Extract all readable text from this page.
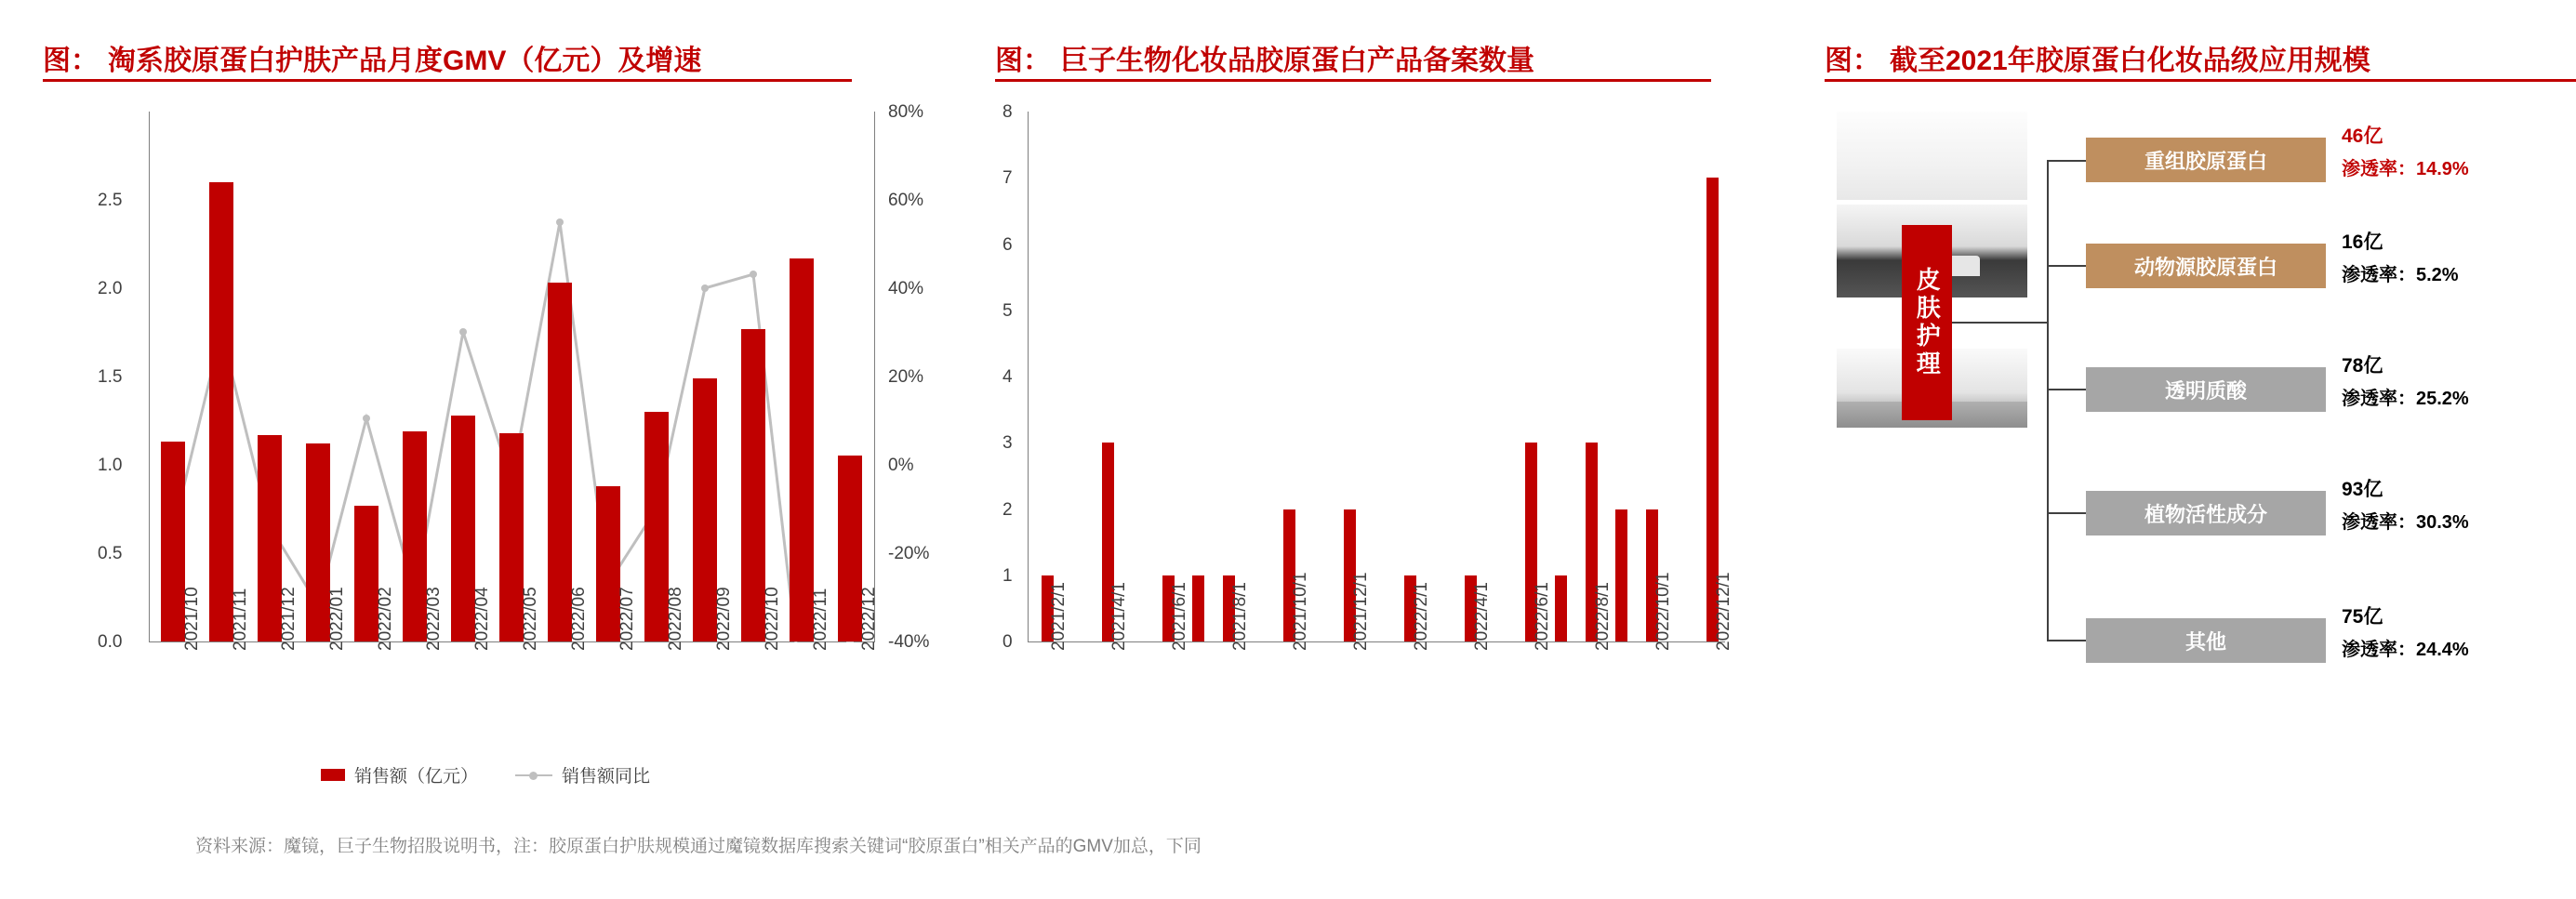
图： 淘系胶原蛋白护肤产品月度GMV（亿元）及增速
0.0
0.5
1.0
1.5
2.0
2.5
-40%
-20%
0%
20%
40%
60%
80%
2021/10 2021/11 2021/12 2022/01 2022/02 2022/03 2022/04 2022/05 2022/06 2022/07 2022/08 2022/09 2022/10 2022/11 2022/12
销售额（亿元）	销售额同比
图： 巨子生物化妆品胶原蛋白产品备案数量
0
1
2
3
4
5
6
7
8
2021/2/1 2021/4/1 2021/6/1 2021/8/1 2021/10/1 2021/12/1 2022/2/1 2022/4/1 2022/6/1 2022/8/1 2022/10/1 2022/12/1
图： 截至2021年胶原蛋白化妆品级应用规模
皮肤护理
重组胶原蛋白
46亿
渗透率：14.9%
动物源胶原蛋白
16亿
渗透率：5.2%
透明质酸
78亿
渗透率：25.2%
植物活性成分
93亿
渗透率：30.3%
其他
75亿
渗透率：24.4%
资料来源：魔镜，巨子生物招股说明书，注：胶原蛋白护肤规模通过魔镜数据库搜索关键词“胶原蛋白”相关产品的GMV加总，下同
